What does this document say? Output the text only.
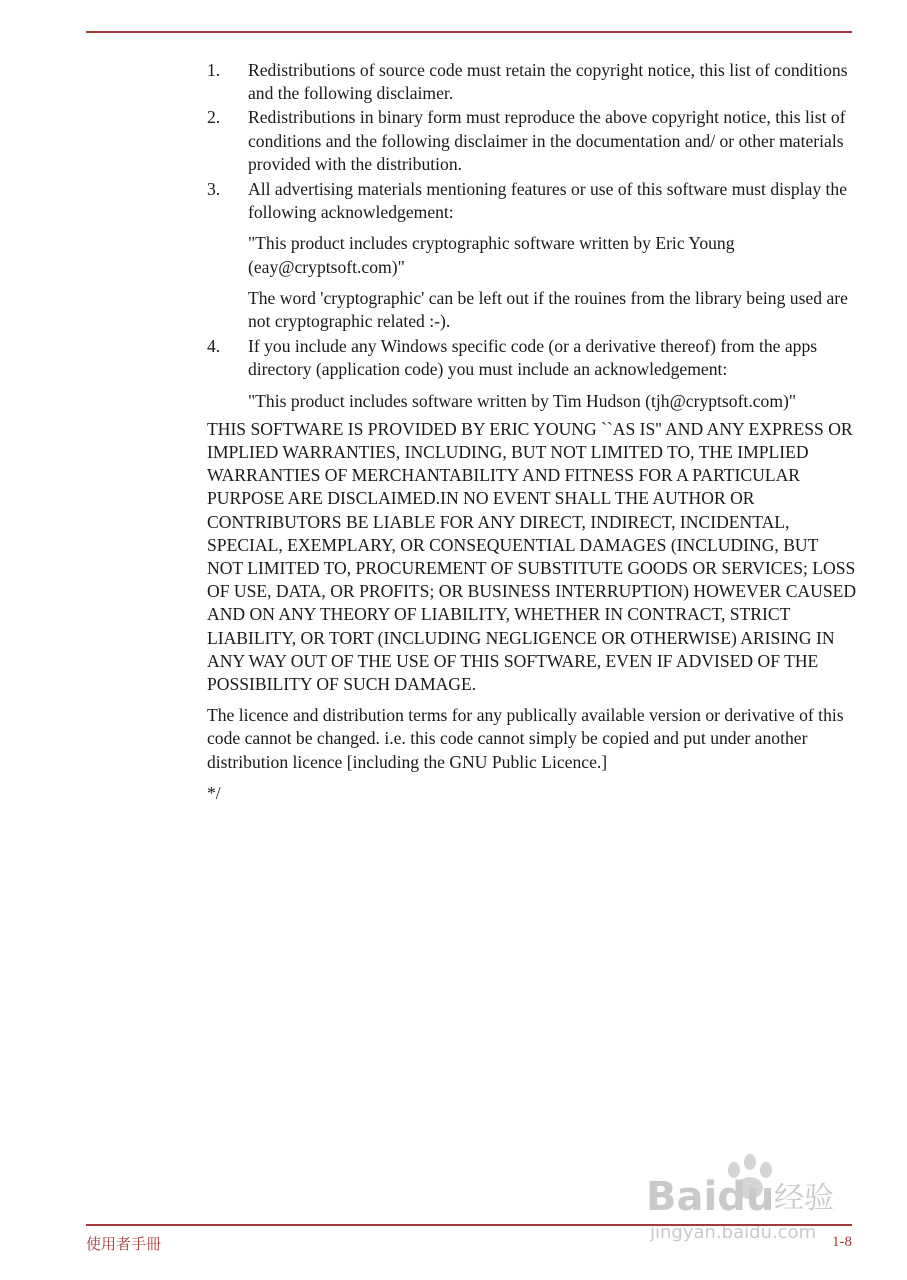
1. Redistributions of source code must retain the copyright notice, this list of conditions and the following disclaimer.

2. Redistributions in binary form must reproduce the above copyright notice, this list of conditions and the following disclaimer in the documentation and/ or other materials provided with the distribution.

3. All advertising materials mentioning features or use of this software must display the following acknowledgement:

"This product includes cryptographic software written by Eric Young (eay@cryptsoft.com)"

The word 'cryptographic' can be left out if the rouines from the library being used are not cryptographic related :-).

4. If you include any Windows specific code (or a derivative thereof) from the apps directory (application code) you must include an acknowledgement:

"This product includes software written by Tim Hudson (tjh@cryptsoft.com)"

THIS SOFTWARE IS PROVIDED BY ERIC YOUNG ``AS IS'' AND ANY EXPRESS OR IMPLIED WARRANTIES, INCLUDING, BUT NOT LIMITED TO, THE IMPLIED WARRANTIES OF MERCHANTABILITY AND FITNESS FOR A PARTICULAR PURPOSE ARE DISCLAIMED.IN NO EVENT SHALL THE AUTHOR OR CONTRIBUTORS BE LIABLE FOR ANY DIRECT, INDIRECT, INCIDENTAL, SPECIAL, EXEMPLARY, OR CONSEQUENTIAL DAMAGES (INCLUDING, BUT NOT LIMITED TO, PROCUREMENT OF SUBSTITUTE GOODS OR SERVICES; LOSS OF USE, DATA, OR PROFITS; OR BUSINESS INTERRUPTION) HOWEVER CAUSED AND ON ANY THEORY OF LIABILITY, WHETHER IN CONTRACT, STRICT LIABILITY, OR TORT (INCLUDING NEGLIGENCE OR OTHERWISE) ARISING IN ANY WAY OUT OF THE USE OF THIS SOFTWARE, EVEN IF ADVISED OF THE POSSIBILITY OF SUCH DAMAGE.

The licence and distribution terms for any publically available version or derivative of this code cannot be changed. i.e. this code cannot simply be copied and put under another distribution licence [including the GNU Public Licence.]

*/

Baidu 经验
jingyan.baidu.com
使用者手冊	1-8
